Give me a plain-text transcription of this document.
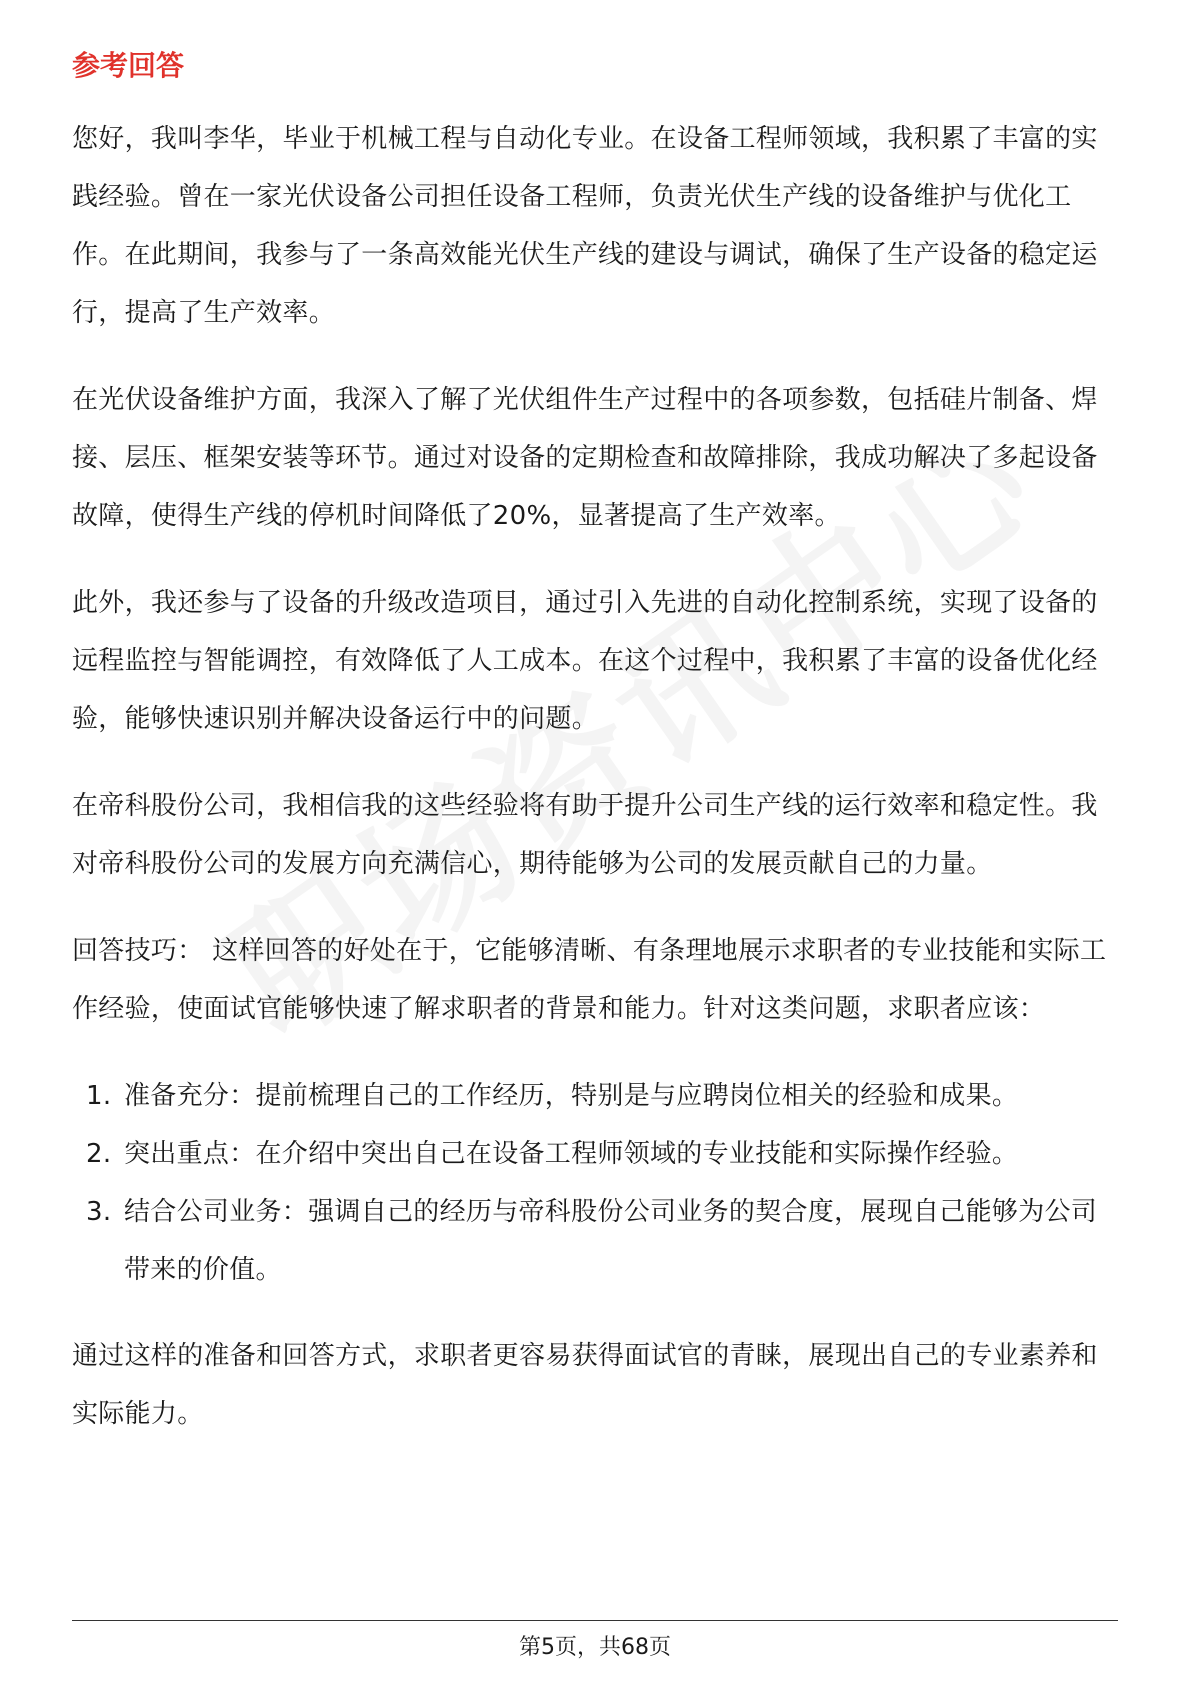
参考回答

您好，我叫李华，毕业于机械工程与自动化专业。在设备工程师领域，我积累了丰富的实践经验。曾在一家光伏设备公司担任设备工程师，负责光伏生产线的设备维护与优化工作。在此期间，我参与了一条高效能光伏生产线的建设与调试，确保了生产设备的稳定运行，提高了生产效率。

在光伏设备维护方面，我深入了解了光伏组件生产过程中的各项参数，包括硅片制备、焊接、层压、框架安装等环节。通过对设备的定期检查和故障排除，我成功解决了多起设备故障，使得生产线的停机时间降低了20%，显著提高了生产效率。

此外，我还参与了设备的升级改造项目，通过引入先进的自动化控制系统，实现了设备的远程监控与智能调控，有效降低了人工成本。在这个过程中，我积累了丰富的设备优化经验，能够快速识别并解决设备运行中的问题。

在帝科股份公司，我相信我的这些经验将有助于提升公司生产线的运行效率和稳定性。我对帝科股份公司的发展方向充满信心，期待能够为公司的发展贡献自己的力量。

回答技巧： 这样回答的好处在于，它能够清晰、有条理地展示求职者的专业技能和实际工作经验，使面试官能够快速了解求职者的背景和能力。针对这类问题，求职者应该：

1. 准备充分：提前梳理自己的工作经历，特别是与应聘岗位相关的经验和成果。
2. 突出重点：在介绍中突出自己在设备工程师领域的专业技能和实际操作经验。
3. 结合公司业务：强调自己的经历与帝科股份公司业务的契合度，展现自己能够为公司带来的价值。

通过这样的准备和回答方式，求职者更容易获得面试官的青睐，展现出自己的专业素养和实际能力。

第5页，共68页
